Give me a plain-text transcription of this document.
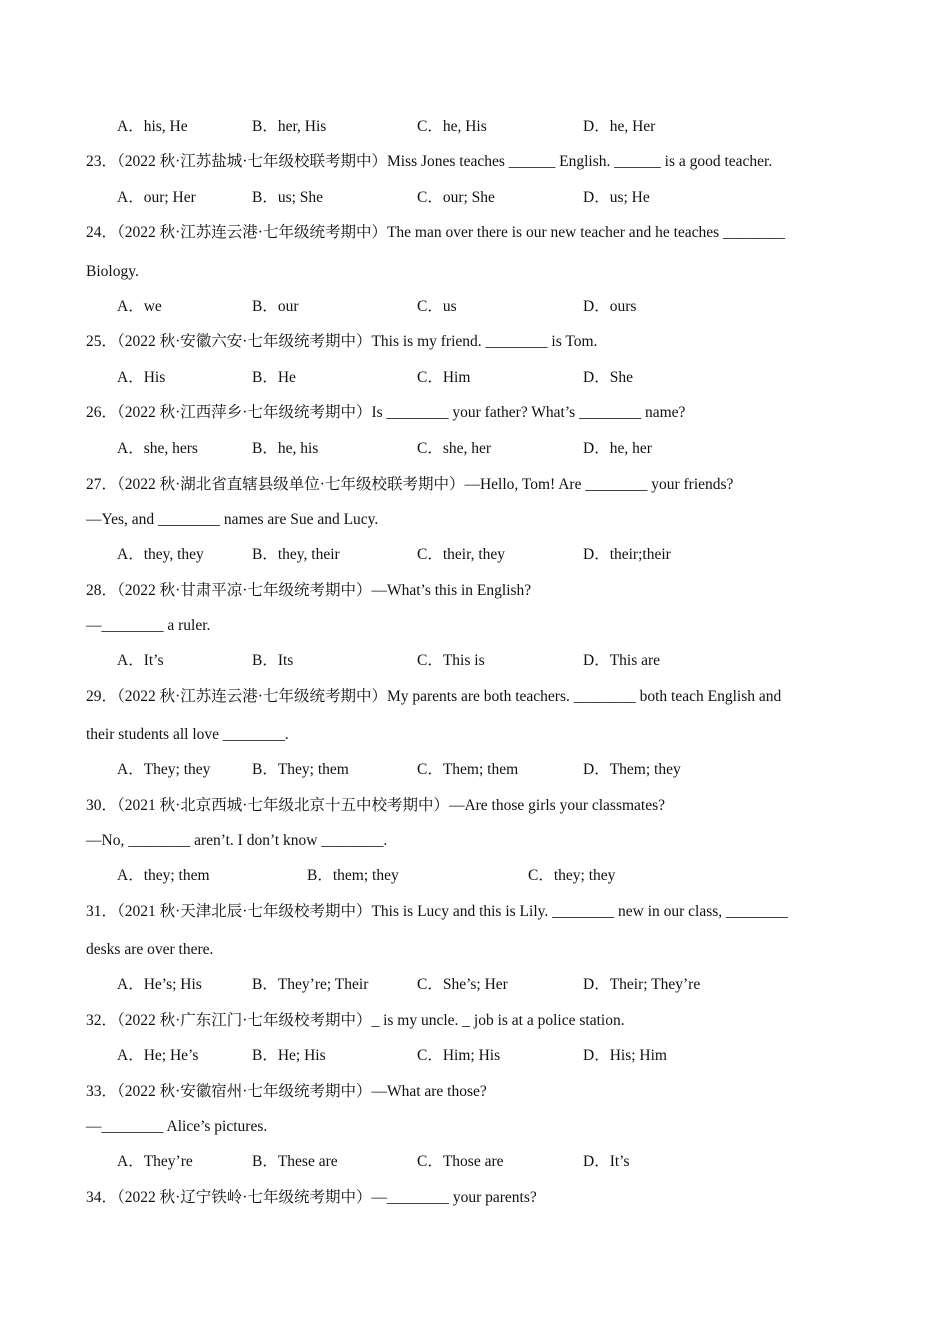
A．his, He	B．her, His	C．he, His	D．he, Her
23．（2022 秋·江苏盐城·七年级校联考期中）Miss Jones teaches ______ English. ______ is a good teacher.
A．our; Her	B．us; She	C．our; She	D．us; He
24．（2022 秋·江苏连云港·七年级统考期中）The man over there is our new teacher and he teaches ________
Biology.
A．we	B．our	C．us	D．ours
25．（2022 秋·安徽六安·七年级统考期中）This is my friend. ________ is Tom.
A．His	B．He	C．Him	D．She
26．（2022 秋·江西萍乡·七年级统考期中）Is ________ your father? What’s ________ name?
A．she, hers	B．he, his	C．she, her	D．he, her
27．（2022 秋·湖北省直辖县级单位·七年级校联考期中）—Hello, Tom! Are ________ your friends?
—Yes, and ________ names are Sue and Lucy.
A．they, they	B．they, their	C．their, they	D．their;their
28．（2022 秋·甘肃平凉·七年级统考期中）—What’s this in English?
—________ a ruler.
A．It’s	B．Its	C．This is	D．This are
29．（2022 秋·江苏连云港·七年级统考期中）My parents are both teachers. ________ both teach English and
their students all love ________.
A．They; they	B．They; them	C．Them; them	D．Them; they
30．（2021 秋·北京西城·七年级北京十五中校考期中）—Are those girls your classmates?
—No, ________ aren’t. I don’t know ________.
A．they; them	B．them; they	C．they; they
31．（2021 秋·天津北辰·七年级校考期中）This is Lucy and this is Lily. ________ new in our class, ________
desks are over there.
A．He’s; His	B．They’re; Their	C．She’s; Her	D．Their; They’re
32．（2022 秋·广东江门·七年级校考期中）_ is my uncle. _ job is at a police station.
A．He; He’s	B．He; His	C．Him; His	D．His; Him
33．（2022 秋·安徽宿州·七年级统考期中）—What are those?
—________ Alice’s pictures.
A．They’re	B．These are	C．Those are	D．It’s
34．（2022 秋·辽宁铁岭·七年级统考期中）—________ your parents?
